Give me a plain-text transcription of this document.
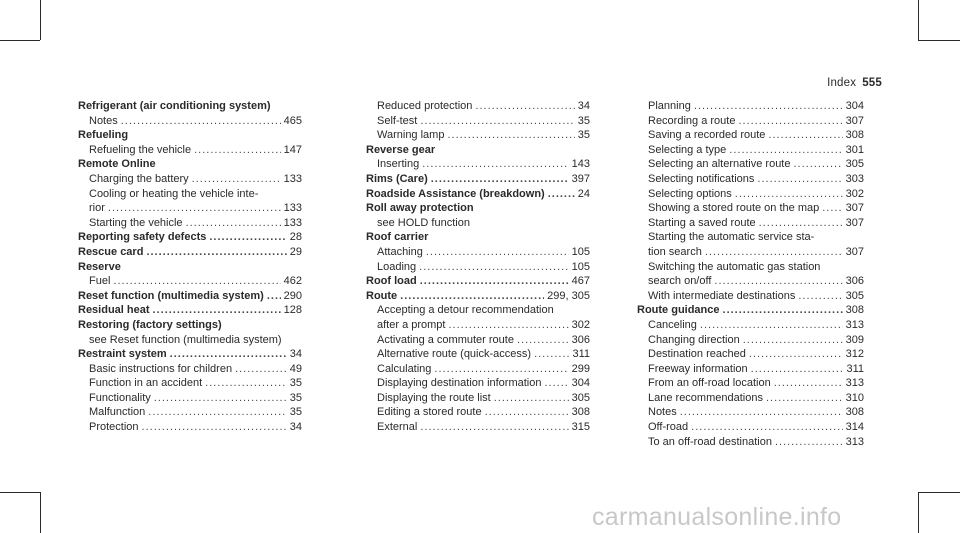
Index 555
Refrigerant (air conditioning system)
Notes .....	465
Refueling
Refueling the vehicle .....	147
Remote Online
Charging the battery .....	133
Cooling or heating the vehicle inte-
rior .....	133
Starting the vehicle .....	133
Reporting safety defects .....	28
Rescue card .....	29
Reserve
Fuel .....	462
Reset function (multimedia system) ..... 290
Residual heat .....	128
Restoring (factory settings)
see Reset function (multimedia system)
Restraint system .....	34
Basic instructions for children .....	49
Function in an accident .....	35
Functionality .....	35
Malfunction .....	35
Protection .....	34
Reduced protection .....	34
Self-test .....	35
Warning lamp .....	35
Reverse gear
Inserting .....	143
Rims (Care) .....	397
Roadside Assistance (breakdown) .....	24
Roll away protection
see HOLD function
Roof carrier
Attaching .....	105
Loading .....	105
Roof load .....	467
Route .....	299, 305
Accepting a detour recommendation
after a prompt .....	302
Activating a commuter route .....	306
Alternative route (quick-access) .....	311
Calculating .....	299
Displaying destination information .....	304
Displaying the route list .....	305
Editing a stored route .....	308
External .....	315
Planning .....	304
Recording a route .....	307
Saving a recorded route .....	308
Selecting a type .....	301
Selecting an alternative route .....	305
Selecting notifications .....	303
Selecting options .....	302
Showing a stored route on the map ..... 307
Starting a saved route .....	307
Starting the automatic service sta-
tion search .....	307
Switching the automatic gas station
search on/off .....	306
With intermediate destinations .....	305
Route guidance .....	308
Canceling .....	313
Changing direction .....	309
Destination reached .....	312
Freeway information .....	311
From an off-road location .....	313
Lane recommendations .....	310
Notes .....	308
Off-road .....	314
To an off-road destination .....	313
carmanualsonline.info
